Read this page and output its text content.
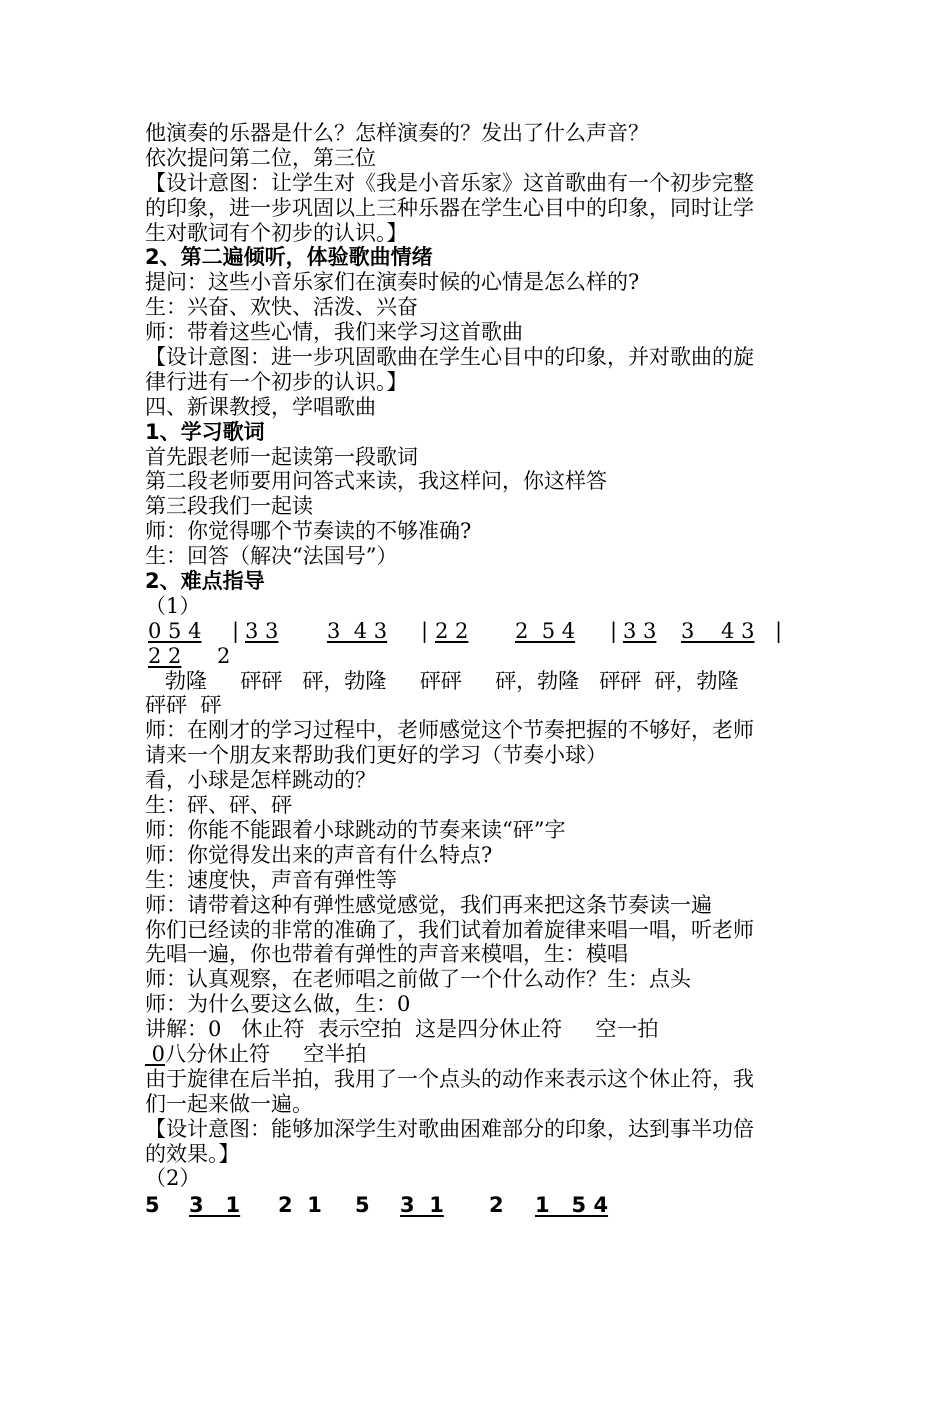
他演奏的乐器是什么？怎样演奏的？发出了什么声音？
依次提问第二位，第三位
【设计意图：让学生对《我是小音乐家》这首歌曲有一个初步完整
的印象，进一步巩固以上三种乐器在学生心目中的印象，同时让学
生对歌词有个初步的认识。】
2、第二遍倾听，体验歌曲情绪
提问：这些小音乐家们在演奏时候的心情是怎么样的?
生：兴奋、欢快、活泼、兴奋
师：带着这些心情，我们来学习这首歌曲
【设计意图：进一步巩固歌曲在学生心目中的印象，并对歌曲的旋
律行进有一个初步的认识。】
四、新课教授，学唱歌曲
1、学习歌词
首先跟老师一起读第一段歌词
第二段老师要用问答式来读，我这样问，你这样答
第三段我们一起读
师：你觉得哪个节奏读的不够准确?
生：回答（解决“法国号”）
2、难点指导
（1）

0 5 4

|

3 3

3  4 3

|

2 2

2  5 4

|

3 3

3    4 3

|

2 2

2

勃隆     砰砰   砰，勃隆     砰砰     砰，勃隆   砰砰  砰，勃隆
砰砰  砰
师：在刚才的学习过程中，老师感觉这个节奏把握的不够好，老师
请来一个朋友来帮助我们更好的学习（节奏小球）
看，小球是怎样跳动的？
生：砰、砰、砰
师：你能不能跟着小球跳动的节奏来读“砰”字
师：你觉得发出来的声音有什么特点?
生：速度快，声音有弹性等
师：请带着这种有弹性感觉感觉，我们再来把这条节奏读一遍
你们已经读的非常的准确了，我们试着加着旋律来唱一唱，听老师
先唱一遍，你也带着有弹性的声音来模唱，生：模唱
师：认真观察，在老师唱之前做了一个什么动作？生：点头
师：为什么要这么做，生：0
讲解：0   休止符  表示空拍  这是四分休止符     空一拍
0八分休止符     空半拍
由于旋律在后半拍，我用了一个点头的动作来表示这个休止符，我
们一起来做一遍。
【设计意图：能够加深学生对歌曲困难部分的印象，达到事半功倍
的效果。】
（2）

5

3   1

2  1

5

3  1

2

1   5 4
